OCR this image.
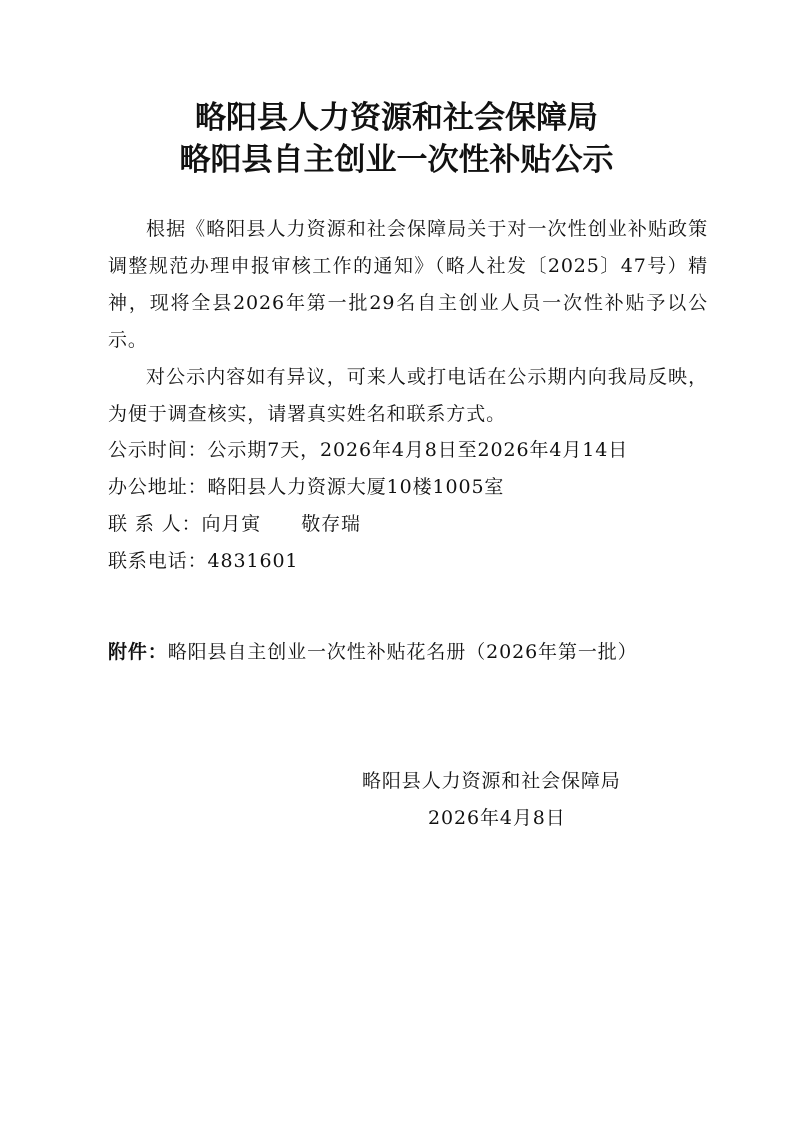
略阳县人力资源和社会保障局
略阳县自主创业一次性补贴公示

根据《略阳县人力资源和社会保障局关于对一次性创业补贴政策调整规范办理申报审核工作的通知》（略人社发〔2025〕47号）精神，现将全县2026年第一批29名自主创业人员一次性补贴予以公示。

对公示内容如有异议，可来人或打电话在公示期内向我局反映，为便于调查核实，请署真实姓名和联系方式。

公示时间：公示期7天，2026年4月8日至2026年4月14日
办公地址：略阳县人力资源大厦10楼1005室
联 系 人：向月寅 敬存瑞
联系电话：4831601
附件：略阳县自主创业一次性补贴花名册（2026年第一批）
略阳县人力资源和社会保障局
2026年4月8日
